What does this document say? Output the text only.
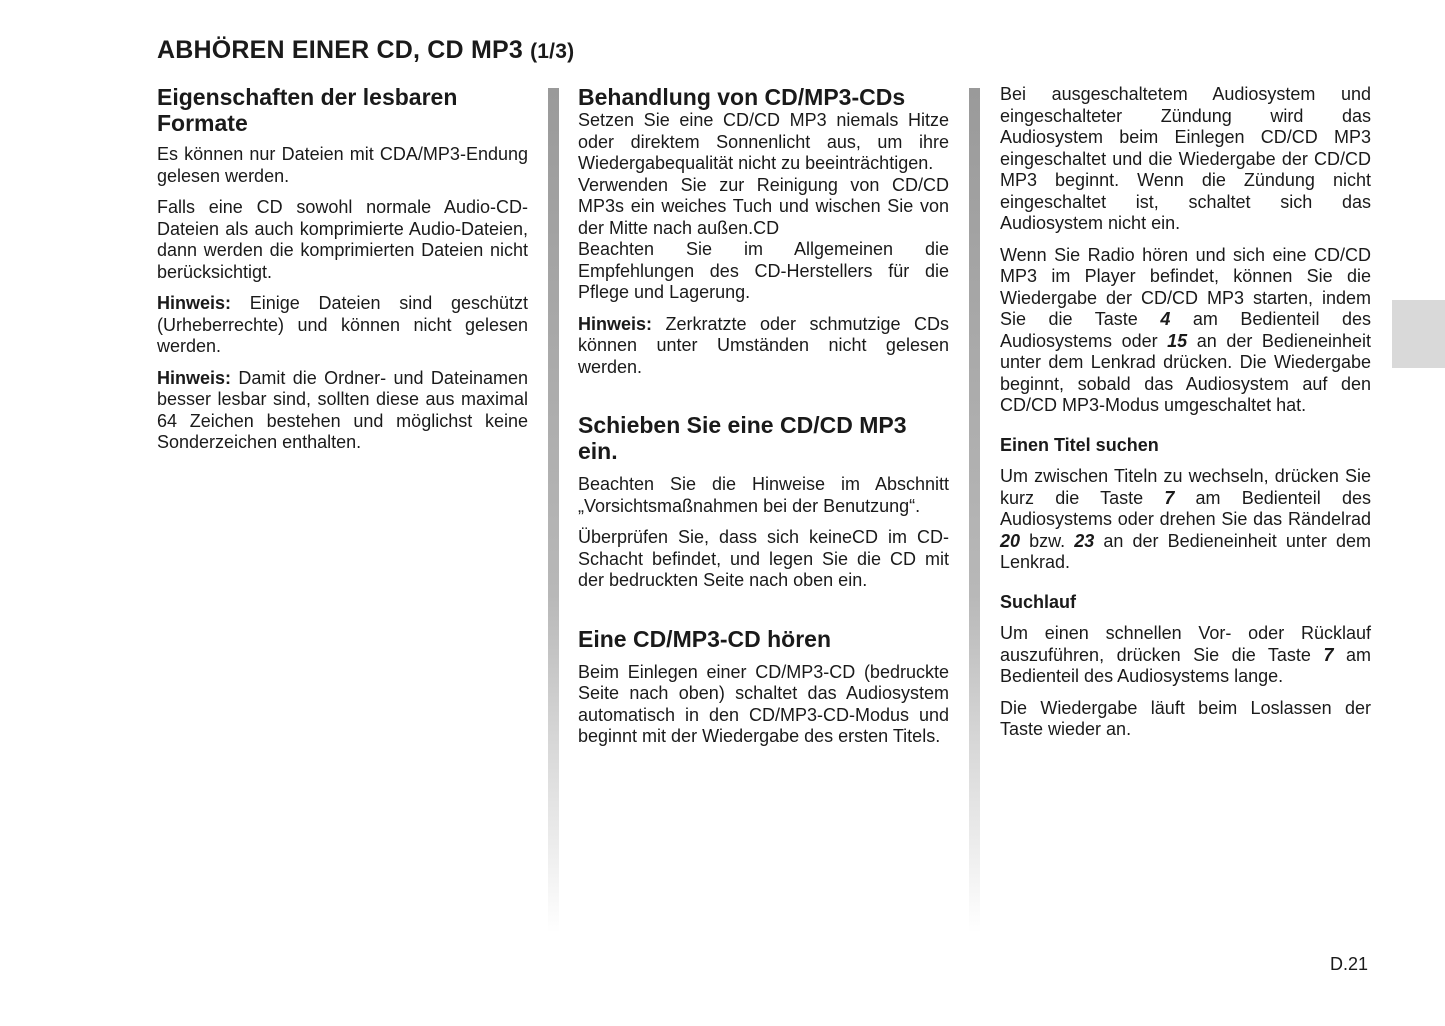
ABHÖREN EINER CD, CD MP3 (1/3)
Eigenschaften der lesbaren Formate

Es können nur Dateien mit CDA/MP3-Endung gelesen werden.

Falls eine CD sowohl normale Audio-CD-Dateien als auch komprimierte Audio-Dateien, dann werden die komprimierten Dateien nicht berücksichtigt.

Hinweis: Einige Dateien sind geschützt (Urheberrechte) und können nicht gelesen werden.

Hinweis: Damit die Ordner- und Dateinamen besser lesbar sind, sollten diese aus maximal 64 Zeichen bestehen und möglichst keine Sonderzeichen enthalten.

Behandlung von CD/MP3-CDs

Setzen Sie eine CD/CD MP3 niemals Hitze oder direktem Sonnenlicht aus, um ihre Wiedergabequalität nicht zu beeinträchtigen.

Verwenden Sie zur Reinigung von CD/CD MP3s ein weiches Tuch und wischen Sie von der Mitte nach außen.CD

Beachten Sie im Allgemeinen die Empfehlungen des CD-Herstellers für die Pflege und Lagerung.

Hinweis: Zerkratzte oder schmutzige CDs können unter Umständen nicht gelesen werden.

Schieben Sie eine CD/CD MP3 ein.

Beachten Sie die Hinweise im Abschnitt „Vorsichtsmaßnahmen bei der Benutzung“.

Überprüfen Sie, dass sich keineCD im CD-Schacht befindet, und legen Sie die CD mit der bedruckten Seite nach oben ein.

Eine CD/MP3-CD hören

Beim Einlegen einer CD/MP3-CD (bedruckte Seite nach oben) schaltet das Audiosystem automatisch in den CD/MP3-CD-Modus und beginnt mit der Wiedergabe des ersten Titels.

Bei ausgeschaltetem Audiosystem und eingeschalteter Zündung wird das Audiosystem beim Einlegen CD/CD MP3 eingeschaltet und die Wiedergabe der CD/CD MP3 beginnt. Wenn die Zündung nicht eingeschaltet ist, schaltet sich das Audiosystem nicht ein.

Wenn Sie Radio hören und sich eine CD/CD MP3 im Player befindet, können Sie die Wiedergabe der CD/CD MP3 starten, indem Sie die Taste 4 am Bedienteil des Audiosystems oder 15 an der Bedieneinheit unter dem Lenkrad drücken. Die Wiedergabe beginnt, sobald das Audiosystem auf den CD/CD MP3-Modus umgeschaltet hat.

Einen Titel suchen

Um zwischen Titeln zu wechseln, drücken Sie kurz die Taste 7 am Bedienteil des Audiosystems oder drehen Sie das Rändelrad 20 bzw. 23 an der Bedieneinheit unter dem Lenkrad.

Suchlauf

Um einen schnellen Vor- oder Rücklauf auszuführen, drücken Sie die Taste 7 am Bedienteil des Audiosystems lange.

Die Wiedergabe läuft beim Loslassen der Taste wieder an.

D.21
